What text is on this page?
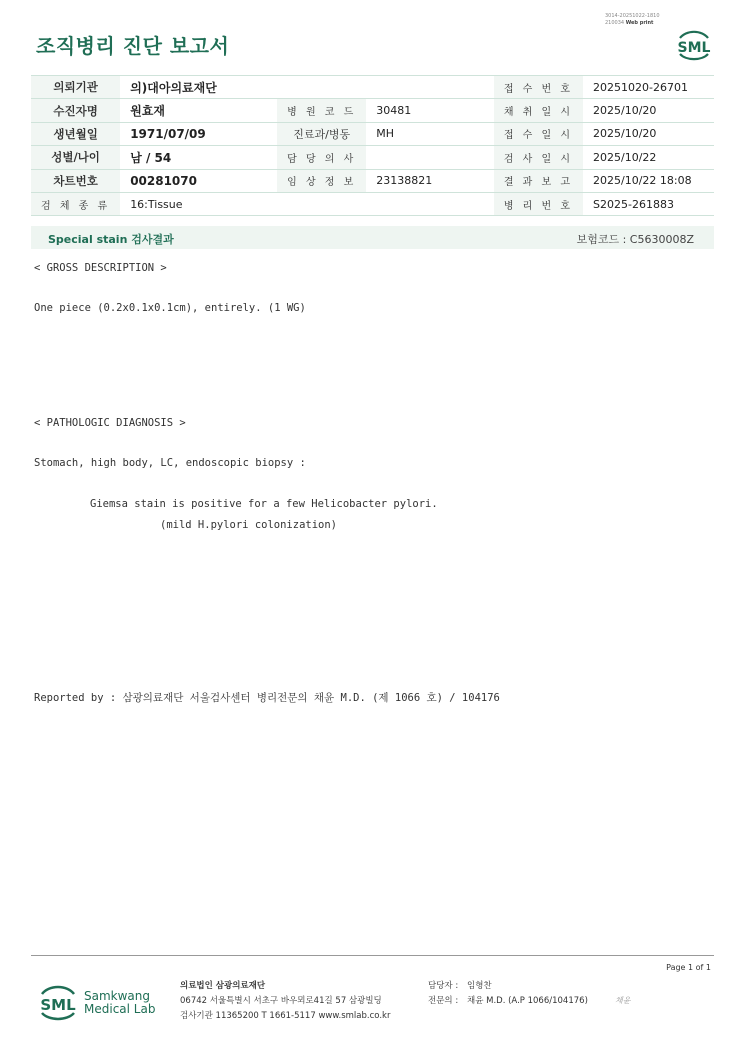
3014-20251022-1810
210034 Web print
조직병리 진단 보고서	SML
의뢰기관	의)대아의료재단			접 수 번 호	20251020-26701
수진자명	원효재	병 원 코 드	30481	채 취 일 시	2025/10/20
생년월일	1971/07/09	진료과/병동	MH	접 수 일 시	2025/10/20
성별/나이	남 / 54	담 당 의 사		검 사 일 시	2025/10/22
차트번호	00281070	임 상 정 보	23138821	결 과 보 고	2025/10/22 18:08
검 체 종 류	16:Tissue			병 리 번 호	S2025-261883
Special stain 검사결과	보험코드 : C5630008Z
< GROSS DESCRIPTION >
One piece (0.2x0.1x0.1cm), entirely. (1 WG)
< PATHOLOGIC DIAGNOSIS >
Stomach, high body, LC, endoscopic biopsy :
Giemsa stain is positive for a few Helicobacter pylori.
(mild H.pylori colonization)
Reported by : 삼광의료재단 서울검사센터 병리전문의 채윤 M.D. (제 1066 호) / 104176
Page 1 of 1
SML Samkwang
Medical Lab
의료법인 삼광의료재단
06742 서울특별시 서초구 바우뫼로41길 57 삼광빌딩
검사기관 11365200 T 1661-5117 www.smlab.co.kr
담당자 : 임형찬
전문의 : 채윤 M.D. (A.P 1066/104176)	채윤
